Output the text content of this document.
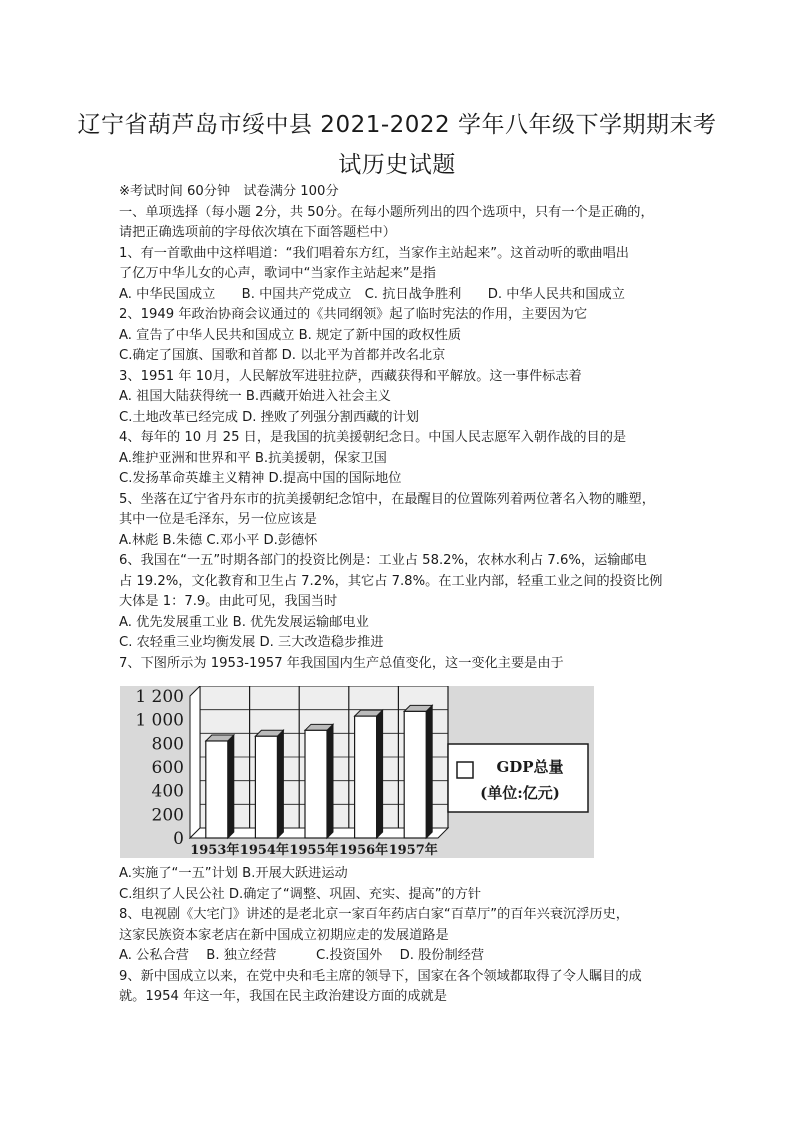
辽宁省葫芦岛市绥中县 2021-2022 学年八年级下学期期末考
试历史试题
※考试时间 60分钟　试卷满分 100分
一、单项选择（每小题 2分，共 50分。在每小题所列出的四个选项中，只有一个是正确的，
请把正确选项前的字母依次填在下面答题栏中）
1、有一首歌曲中这样唱道：“我们唱着东方红，当家作主站起来”。这首动听的歌曲唱出
了亿万中华儿女的心声，歌词中“当家作主站起来”是指
A. 中华民国成立　　B. 中国共产党成立　C. 抗日战争胜利　　D. 中华人民共和国成立
2、1949 年政治协商会议通过的《共同纲领》起了临时宪法的作用，主要因为它
A. 宣告了中华人民共和国成立 B. 规定了新中国的政权性质
C.确定了国旗、国歌和首都 D. 以北平为首都并改名北京
3、1951 年 10月，人民解放军进驻拉萨，西藏获得和平解放。这一事件标志着
A. 祖国大陆获得统一 B.西藏开始进入社会主义
C.土地改革已经完成 D. 挫败了列强分割西藏的计划
4、每年的 10 月 25 日，是我国的抗美援朝纪念日。中国人民志愿军入朝作战的目的是
A.维护亚洲和世界和平 B.抗美援朝，保家卫国
C.发扬革命英雄主义精神 D.提高中国的国际地位
5、坐落在辽宁省丹东市的抗美援朝纪念馆中，在最醒目的位置陈列着两位著名入物的雕塑，
其中一位是毛泽东，另一位应该是
A.林彪 B.朱德 C.邓小平 D.彭德怀
6、我国在“一五”时期各部门的投资比例是：工业占 58.2%，农林水利占 7.6%，运输邮电
占 19.2%，文化教育和卫生占 7.2%，其它占 7.8%。在工业内部，轻重工业之间的投资比例
大体是 1：7.9。由此可见，我国当时
A. 优先发展重工业 B. 优先发展运输邮电业
C. 农轻重三业均衡发展 D. 三大改造稳步推进
7、下图所示为 1953-1957 年我国国内生产总值变化，这一变化主要是由于
0
200
400
600
800
1 000
1 200
1953年 1954年 1955年 1956年 1957年
GDP总量
(单位:亿元)
A.实施了“一五”计划 B.开展大跃进运动
C.组织了人民公社 D.确定了“调整、巩固、充实、提高”的方针
8、电视剧《大宅门》讲述的是老北京一家百年药店白家“百草厅”的百年兴衰沉浮历史，
这家民族资本家老店在新中国成立初期应走的发展道路是
A. 公私合营　 B. 独立经营　　　C.投资国外　 D. 股份制经营
9、新中国成立以来，在党中央和毛主席的领导下，国家在各个领域都取得了令人瞩目的成
就。1954 年这一年，我国在民主政治建设方面的成就是
